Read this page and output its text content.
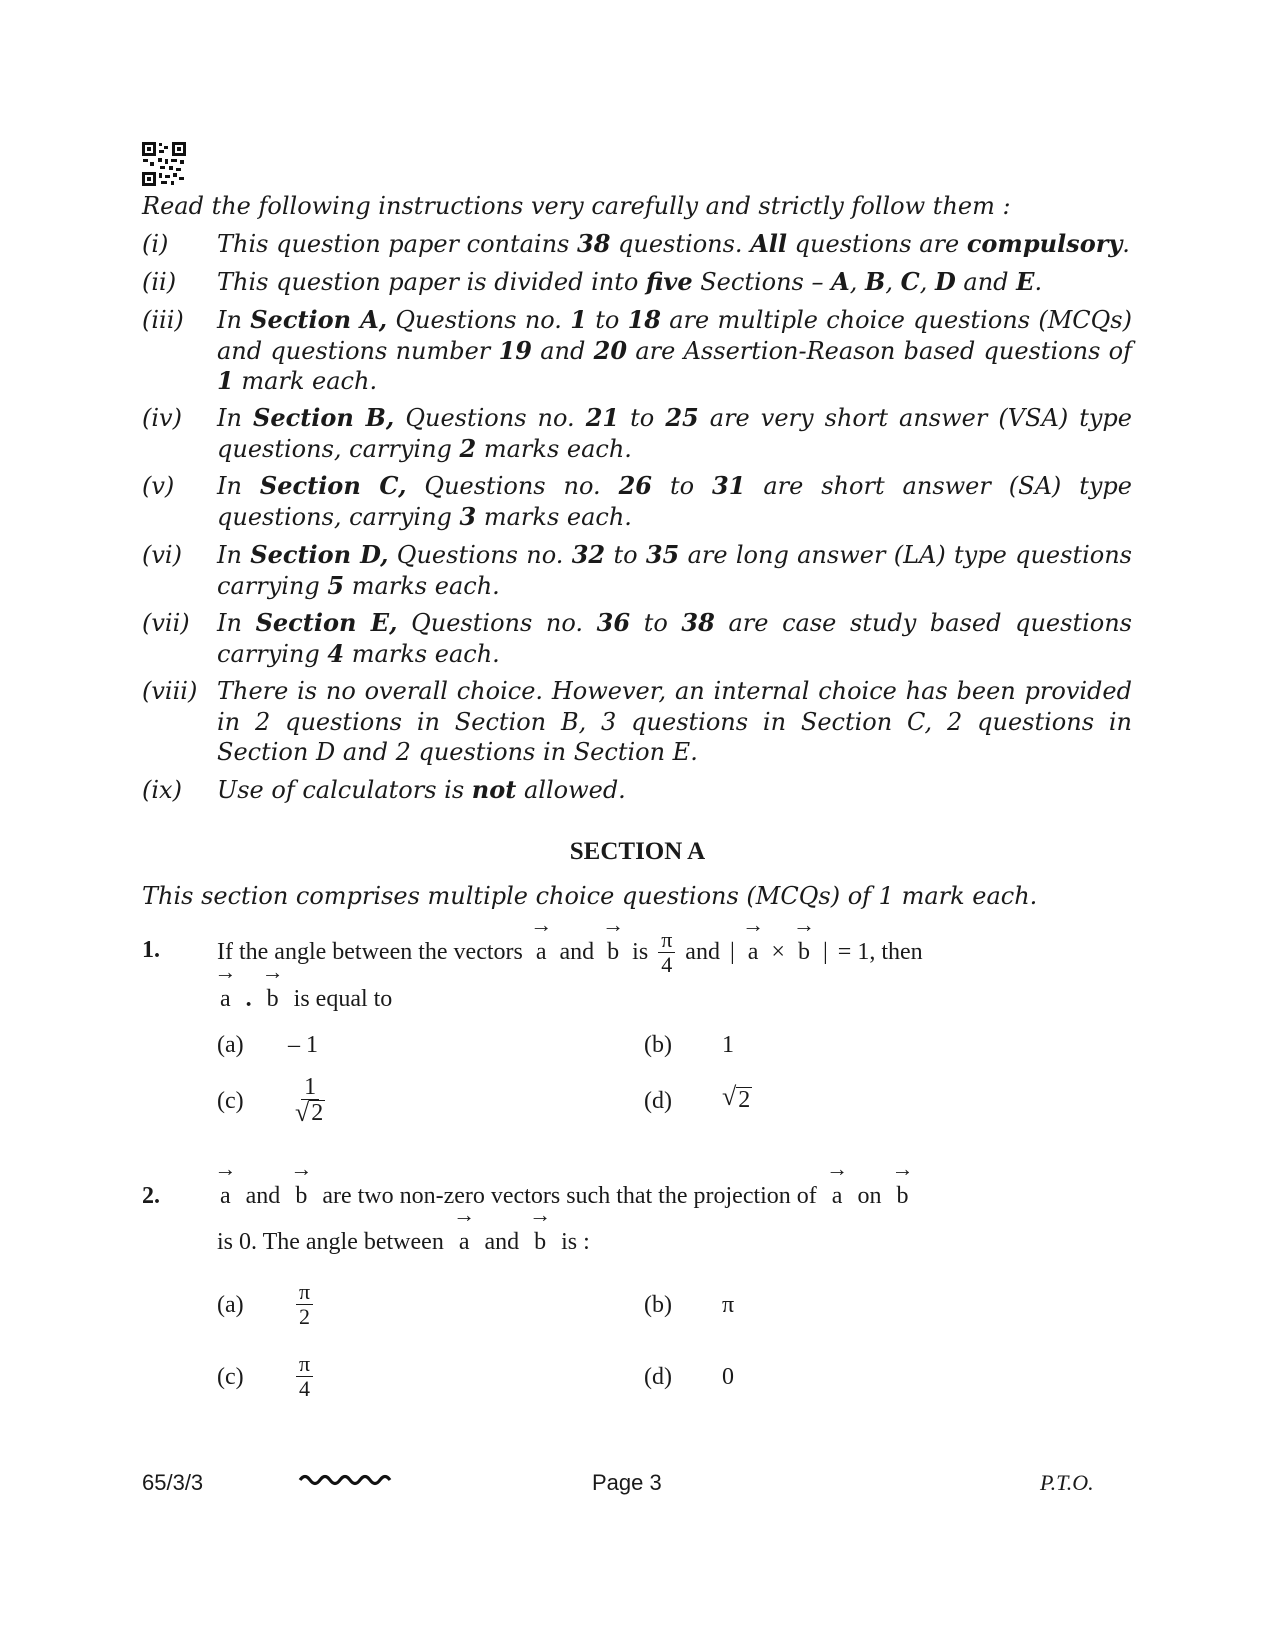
Read the following instructions very carefully and strictly follow them :
(i)	This question paper contains 38 questions. All questions are compulsory.
(ii)	This question paper is divided into five Sections – A, B, C, D and E.
(iii)	In Section A, Questions no. 1 to 18 are multiple choice questions (MCQs) and questions number 19 and 20 are Assertion-Reason based questions of 1 mark each.
(iv)	In Section B, Questions no. 21 to 25 are very short answer (VSA) type questions, carrying 2 marks each.
(v)	In Section C, Questions no. 26 to 31 are short answer (SA) type questions, carrying 3 marks each.
(vi)	In Section D, Questions no. 32 to 35 are long answer (LA) type questions carrying 5 marks each.
(vii)	In Section E, Questions no. 36 to 38 are case study based questions carrying 4 marks each.
(viii) There is no overall choice. However, an internal choice has been provided in 2 questions in Section B, 3 questions in Section C, 2 questions in Section D and 2 questions in Section E.
(ix)	Use of calculators is not allowed.
SECTION A
This section comprises multiple choice questions (MCQs) of 1 mark each.
1. If the angle between the vectors
→
a and
→
b is $\frac{\pi}{4}$ and |
→
a ×
→
b | = 1, then
→
a .
→
b is equal to
(a) – 1	(b) 1
$(c) \frac{1}{√ 2}$	(d) √ 2
2.
→
a and
→
b are two non-zero vectors such that the projection of
→
a on
→
b
is 0. The angle between
→
a and
→
b is :
$(a) \frac{\pi}{2}$	(b) π
$(c) \frac{\pi}{4}$	(d) 0
65/3/3	Page 3	P.T.O.
